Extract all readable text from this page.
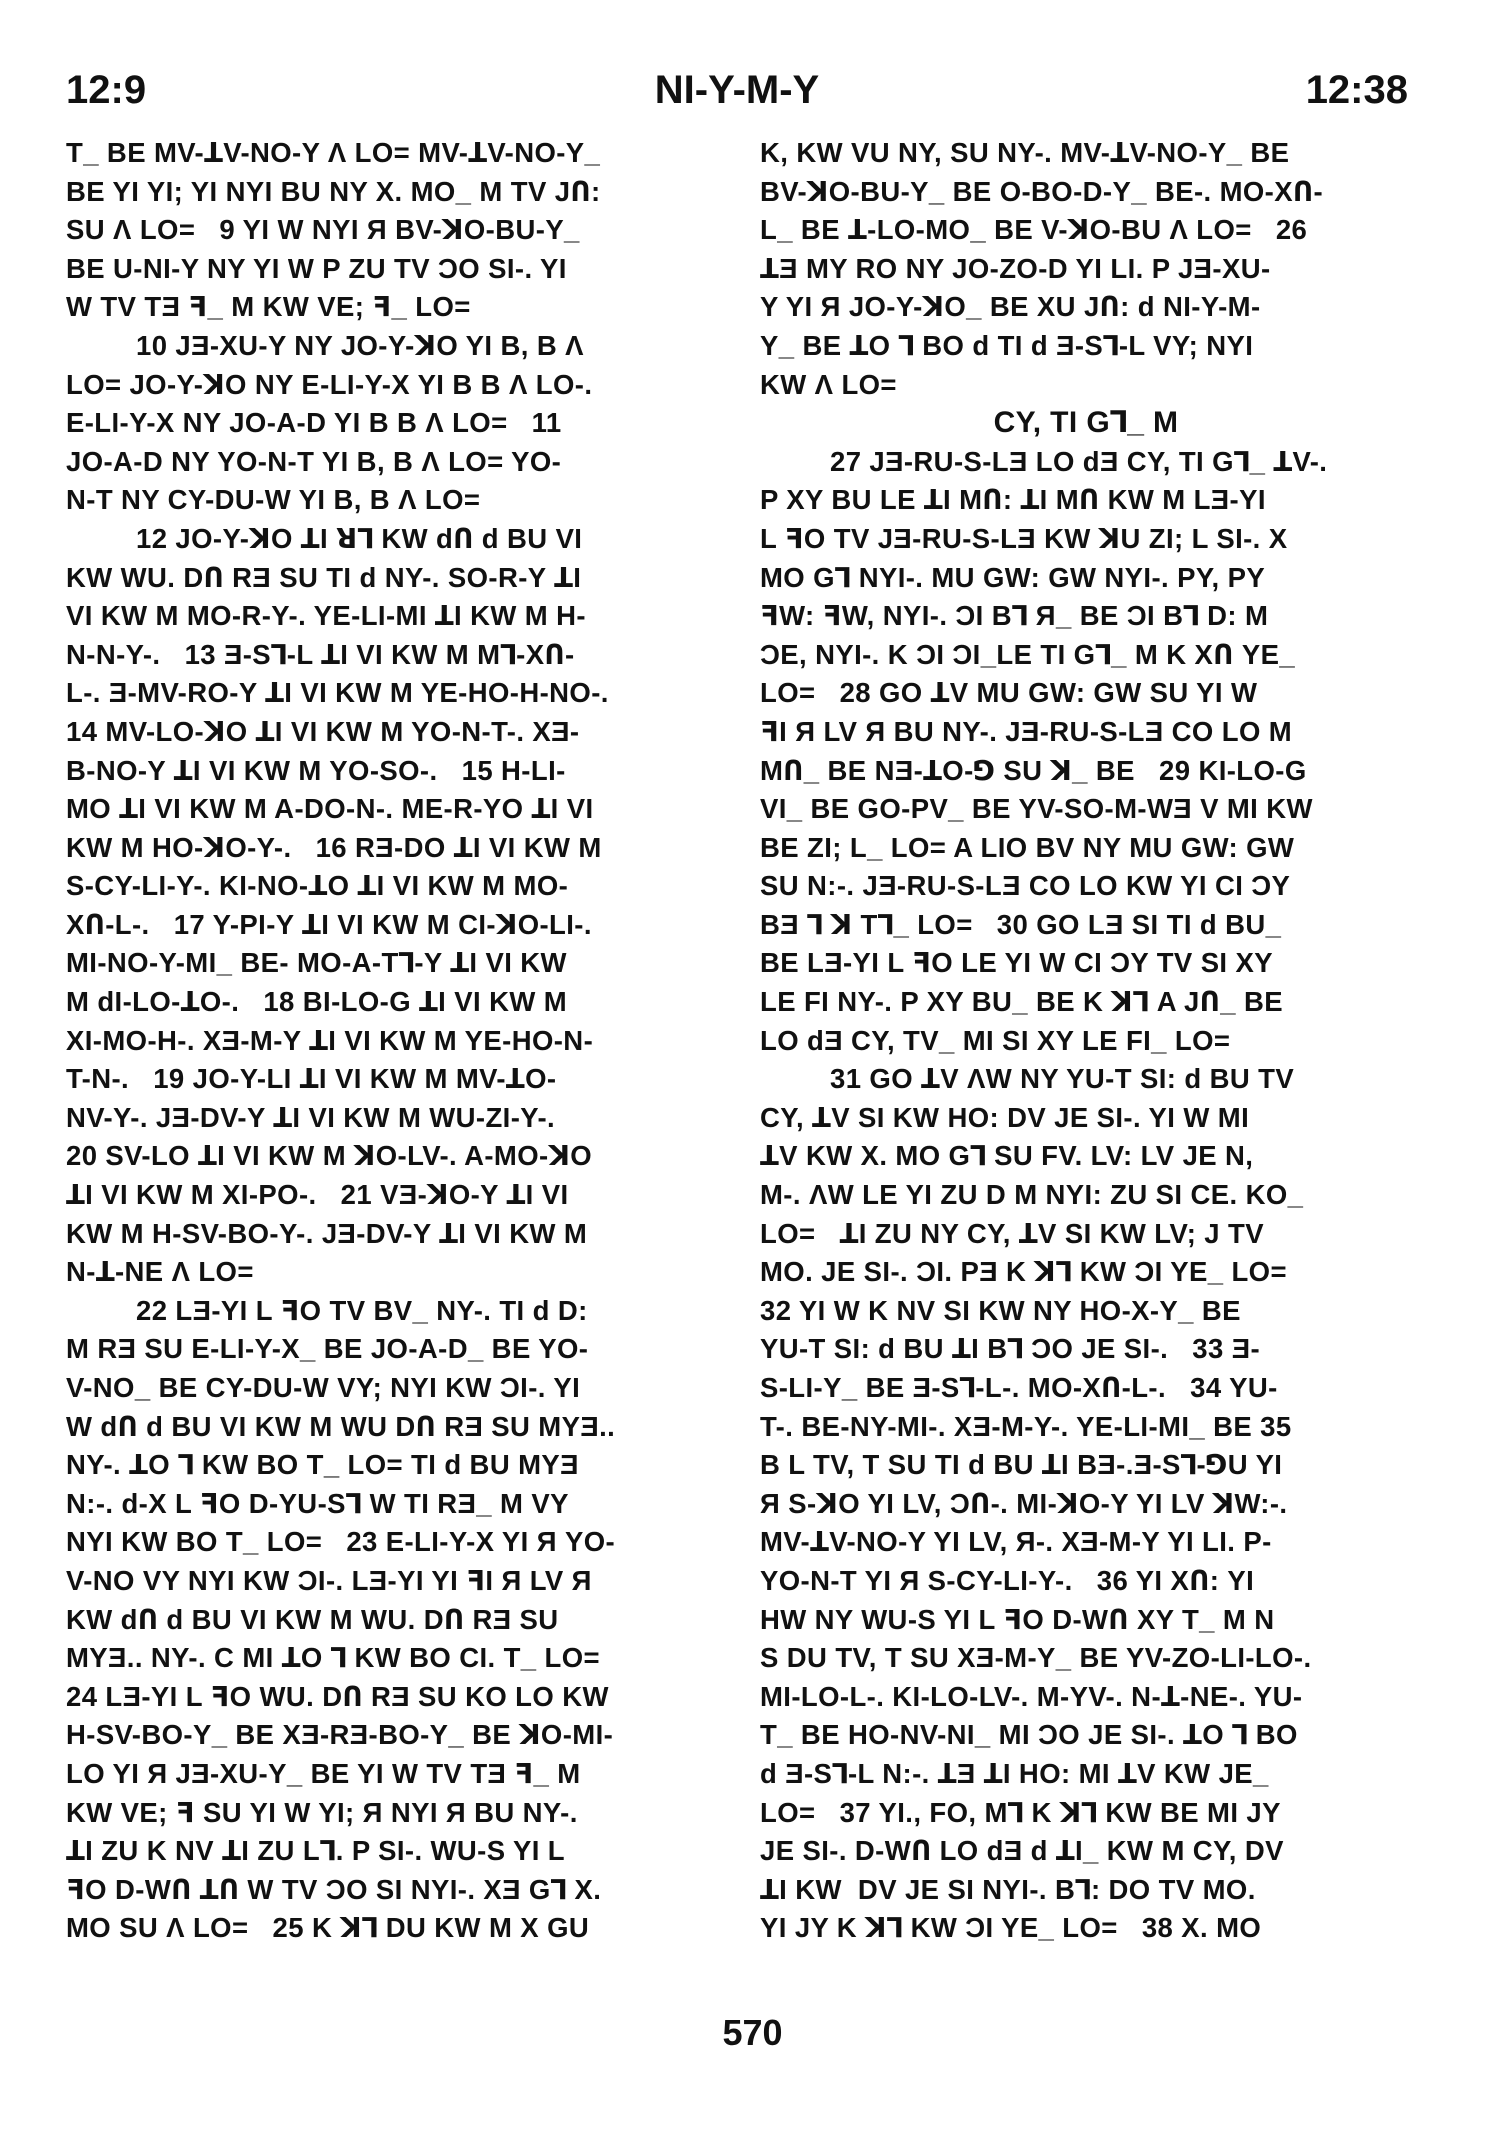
NI-Y-M-Y
12:9	12:38
T_ BE MV-ꓕV-NO-Y Λ LO= MV-ꓕV-NO-Y_
BE YI YI; YI NYI BU NY X. MO_ M TV JՈ:
SU Λ LO=   9 YI W NYI Я BV-ꓘO-BU-Y_
BE U-NI-Y NY YI W P ZU TV ƆO SI-. YI
W TV TƎ ꟻ_ M KW VE; ꟻ_ LO=
10 JƎ-XU-Y NY JO-Y-ꓘO YI B, B Λ
LO= JO-Y-ꓘO NY E-LI-Y-X YI B B Λ LO-.
E-LI-Y-X NY JO-A-D YI B B Λ LO=   11
JO-A-D NY YO-N-T YI B, B Λ LO= YO-
N-T NY CY-DU-W YI B, B Λ LO=
12 JO-Y-ꓘO ꓕI ꓤꓶ KW dՈ d BU VI
KW WU. DՈ RƎ SU TI d NY-. SO-R-Y ꓕI
VI KW M MO-R-Y-. YE-LI-MI ꓕI KW M H-
N-N-Y-.   13 Ǝ-Sꓶ-L ꓕI VI KW M Mꓶ-XՈ-
L-. Ǝ-MV-RO-Y ꓕI VI KW M YE-HO-H-NO-.
14 MV-LO-ꓘO ꓕI VI KW M YO-N-T-. XƎ-
B-NO-Y ꓕI VI KW M YO-SO-.   15 H-LI-
MO ꓕI VI KW M A-DO-N-. ME-R-YO ꓕI VI
KW M HO-ꓘO-Y-.   16 RƎ-DO ꓕI VI KW M
S-CY-LI-Y-. KI-NO-ꓕO ꓕI VI KW M MO-
XՈ-L-.   17 Y-PI-Y ꓕI VI KW M CI-ꓘO-LI-.
MI-NO-Y-MI_ BE- MO-A-Tꓶ-Y ꓕI VI KW
M dI-LO-ꓕO-.   18 BI-LO-G ꓕI VI KW M
XI-MO-H-. XƎ-M-Y ꓕI VI KW M YE-HO-N-
T-N-.   19 JO-Y-LI ꓕI VI KW M MV-ꓕO-
NV-Y-. JƎ-DV-Y ꓕI VI KW M WU-ZI-Y-.
20 SV-LO ꓕI VI KW M ꓘO-LV-. A-MO-ꓘO
ꓕI VI KW M XI-PO-.   21 VƎ-ꓘO-Y ꓕI VI
KW M H-SV-BO-Y-. JƎ-DV-Y ꓕI VI KW M
N-ꓕ-NE Λ LO=
22 LƎ-YI L ꟻO TV BV_ NY-. TI d D:
M RƎ SU E-LI-Y-X_ BE JO-A-D_ BE YO-
V-NO_ BE CY-DU-W VY; NYI KW ƆI-. YI
W dՈ d BU VI KW M WU DՈ RƎ SU MYƎ..
NY-. ꓕO ꓶ KW BO T_ LO= TI d BU MYƎ
N:-. d-X L ꟻO D-YU-Sꓶ W TI RƎ_ M VY
NYI KW BO T_ LO=   23 E-LI-Y-X YI Я YO-
V-NO VY NYI KW ƆI-. LƎ-YI YI ꟻI Я LV Я
KW dՈ d BU VI KW M WU. DՈ RƎ SU
MYƎ.. NY-. C MI ꓕO ꓶ KW BO CI. T_ LO=
24 LƎ-YI L ꟻO WU. DՈ RƎ SU KO LO KW
H-SV-BO-Y_ BE XƎ-RƎ-BO-Y_ BE ꓘO-MI-
LO YI Я JƎ-XU-Y_ BE YI W TV TƎ ꟻ_ M
KW VE; ꟻ SU YI W YI; Я NYI Я BU NY-.
ꓕI ZU K NV ꓕI ZU Lꓶ. P SI-. WU-S YI L
ꟻO D-WՈ ꓕՈ W TV ƆO SI NYI-. XƎ Gꓶ X.
MO SU Λ LO=   25 K ꓘꓶ DU KW M X GU
K, KW VU NY, SU NY-. MV-ꓕV-NO-Y_ BE
BV-ꓘO-BU-Y_ BE O-BO-D-Y_ BE-. MO-XՈ-
L_ BE ꓕ-LO-MO_ BE V-ꓘO-BU Λ LO=   26
ꓕƎ MY RO NY JO-ZO-D YI LI. P JƎ-XU-
Y YI Я JO-Y-ꓘO_ BE XU JՈ: d NI-Y-M-
Y_ BE ꓕO ꓶ BO d TI d Ǝ-Sꓶ-L VY; NYI
KW Λ LO=
CY, TI Gꓶ_ M
27 JƎ-RU-S-LƎ LO dƎ CY, TI Gꓶ_ ꓕV-.
P XY BU LE ꓕI MՈ: ꓕI MՈ KW M LƎ-YI
L ꟻO TV JƎ-RU-S-LƎ KW ꓘU ZI; L SI-. X
MO Gꓶ NYI-. MU GW: GW NYI-. PY, PY
ꟻW: ꟻW, NYI-. ƆI Bꓶ Я_ BE ƆI Bꓶ D: M
ƆE, NYI-. K ƆI ƆI_LE TI Gꓶ_ M K XՈ YE_
LO=   28 GO ꓕV MU GW: GW SU YI W
ꟻI Я LV Я BU NY-. JƎ-RU-S-LƎ CO LO M
MՈ_ BE NƎ-ꓕO-ꓨ SU ꓘ_ BE   29 KI-LO-G
VI_ BE GO-PV_ BE YV-SO-M-WƎ V MI KW
BE ZI; L_ LO= A LIO BV NY MU GW: GW
SU N:-. JƎ-RU-S-LƎ CO LO KW YI CI ƆY
BƎ ꓶ ꓘ Tꓶ_ LO=   30 GO LƎ SI TI d BU_
BE LƎ-YI L ꟻO LE YI W CI ƆY TV SI XY
LE FI NY-. P XY BU_ BE K ꓘꓶ A JՈ_ BE
LO dƎ CY, TV_ MI SI XY LE FI_ LO=
31 GO ꓕV ΛW NY YU-T SI: d BU TV
CY, ꓕV SI KW HO: DV JE SI-. YI W MI
ꓕV KW X. MO Gꓶ SU FV. LV: LV JE N,
M-. ΛW LE YI ZU D M NYI: ZU SI CE. KO_
LO=   ꓕI ZU NY CY, ꓕV SI KW LV; J TV
MO. JE SI-. ƆI. PƎ K ꓘꓶ KW ƆI YE_ LO=
32 YI W K NV SI KW NY HO-X-Y_ BE
YU-T SI: d BU ꓕI Bꓶ ƆO JE SI-.   33 Ǝ-
S-LI-Y_ BE Ǝ-Sꓶ-L-. MO-XՈ-L-.   34 YU-
T-. BE-NY-MI-. XƎ-M-Y-. YE-LI-MI_ BE 35
B L TV, T SU TI d BU ꓕI BƎ-.Ǝ-Sꓶ-ꓨU YI
Я S-ꓘO YI LV, ƆՈ-. MI-ꓘO-Y YI LV ꓘW:-.
MV-ꓕV-NO-Y YI LV, Я-. XƎ-M-Y YI LI. P-
YO-N-T YI Я S-CY-LI-Y-.   36 YI XՈ: YI
HW NY WU-S YI L ꟻO D-WՈ XY T_ M N
S DU TV, T SU XƎ-M-Y_ BE YV-ZO-LI-LO-.
MI-LO-L-. KI-LO-LV-. M-YV-. N-ꓕ-NE-. YU-
T_ BE HO-NV-NI_ MI ƆO JE SI-. ꓕO ꓶ BO
d Ǝ-Sꓶ-L N:-. ꓕƎ ꓕI HO: MI ꓕV KW JE_
LO=   37 YI., FO, Mꓶ K ꓘꓶ KW BE MI JY
JE SI-. D-WՈ LO dƎ d ꓕI_ KW M CY, DV
ꓕI KW  DV JE SI NYI-. Bꓶ: DO TV MO.
YI JY K ꓘꓶ KW ƆI YE_ LO=   38 X. MO
570
